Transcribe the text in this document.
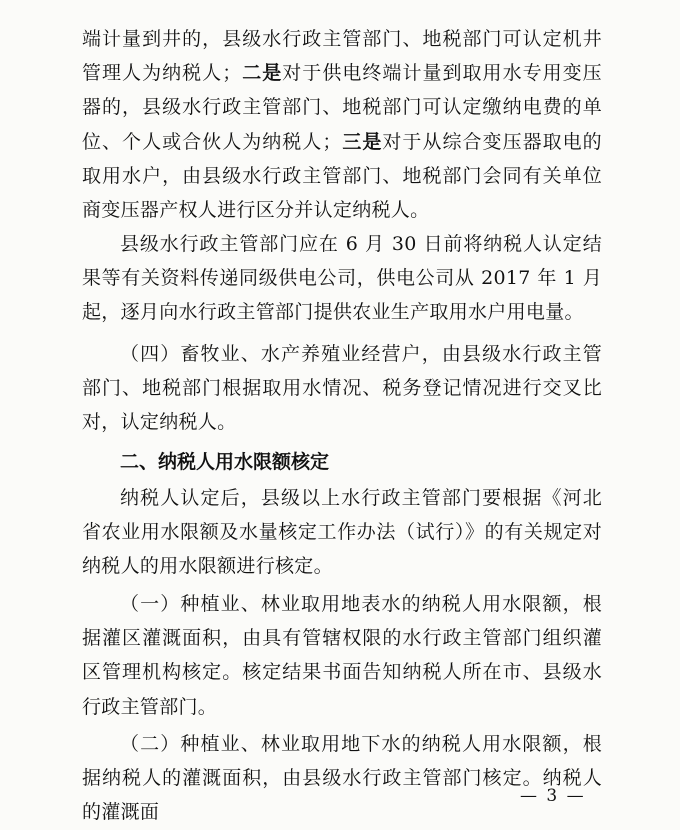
端计量到井的，县级水行政主管部门、地税部门可认定机井管理人为纳税人；二是对于供电终端计量到取用水专用变压器的，县级水行政主管部门、地税部门可认定缴纳电费的单位、个人或合伙人为纳税人；三是对于从综合变压器取电的取用水户，由县级水行政主管部门、地税部门会同有关单位商变压器产权人进行区分并认定纳税人。

县级水行政主管部门应在 6 月 30 日前将纳税人认定结果等有关资料传递同级供电公司，供电公司从 2017 年 1 月起，逐月向水行政主管部门提供农业生产取用水户用电量。

（四）畜牧业、水产养殖业经营户，由县级水行政主管部门、地税部门根据取用水情况、税务登记情况进行交叉比对，认定纳税人。

二、纳税人用水限额核定

纳税人认定后，县级以上水行政主管部门要根据《河北省农业用水限额及水量核定工作办法（试行）》的有关规定对纳税人的用水限额进行核定。

（一）种植业、林业取用地表水的纳税人用水限额，根据灌区灌溉面积，由具有管辖权限的水行政主管部门组织灌区管理机构核定。核定结果书面告知纳税人所在市、县级水行政主管部门。

（二）种植业、林业取用地下水的纳税人用水限额，根据纳税人的灌溉面积，由县级水行政主管部门核定。纳税人的灌溉面

— 3 —
